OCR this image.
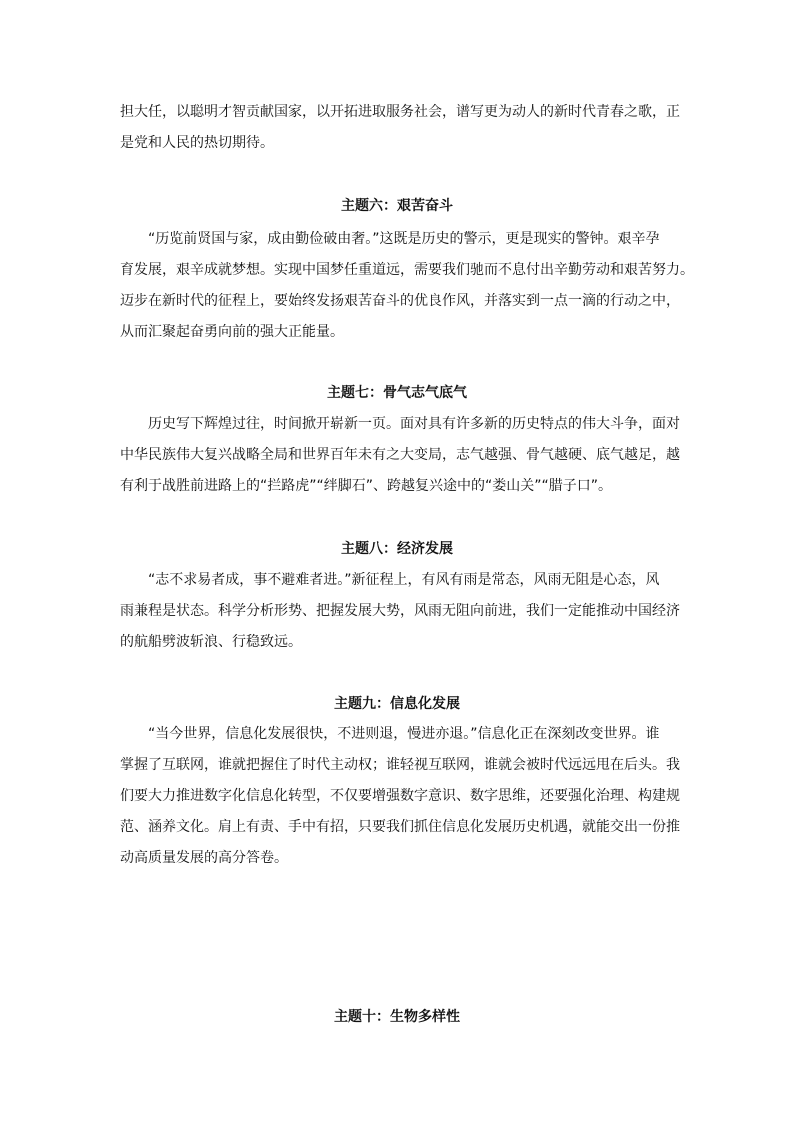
担大任，以聪明才智贡献国家，以开拓进取服务社会，谱写更为动人的新时代青春之歌，正
是党和人民的热切期待。
主题六：艰苦奋斗
　　“历览前贤国与家，成由勤俭破由奢。”这既是历史的警示，更是现实的警钟。艰辛孕
育发展，艰辛成就梦想。实现中国梦任重道远，需要我们驰而不息付出辛勤劳动和艰苦努力。
迈步在新时代的征程上，要始终发扬艰苦奋斗的优良作风，并落实到一点一滴的行动之中，
从而汇聚起奋勇向前的强大正能量。
主题七：骨气志气底气
　　历史写下辉煌过往，时间掀开崭新一页。面对具有许多新的历史特点的伟大斗争，面对
中华民族伟大复兴战略全局和世界百年未有之大变局，志气越强、骨气越硬、底气越足，越
有利于战胜前进路上的“拦路虎”“绊脚石”、跨越复兴途中的“娄山关”“腊子口”。
主题八：经济发展
　　“志不求易者成，事不避难者进。”新征程上，有风有雨是常态，风雨无阻是心态，风
雨兼程是状态。科学分析形势、把握发展大势，风雨无阻向前进，我们一定能推动中国经济
的航船劈波斩浪、行稳致远。
主题九：信息化发展
　　“当今世界，信息化发展很快，不进则退，慢进亦退。”信息化正在深刻改变世界。谁
掌握了互联网，谁就把握住了时代主动权；谁轻视互联网，谁就会被时代远远甩在后头。我
们要大力推进数字化信息化转型，不仅要增强数字意识、数字思维，还要强化治理、构建规
范、涵养文化。肩上有责、手中有招，只要我们抓住信息化发展历史机遇，就能交出一份推
动高质量发展的高分答卷。
主题十：生物多样性
